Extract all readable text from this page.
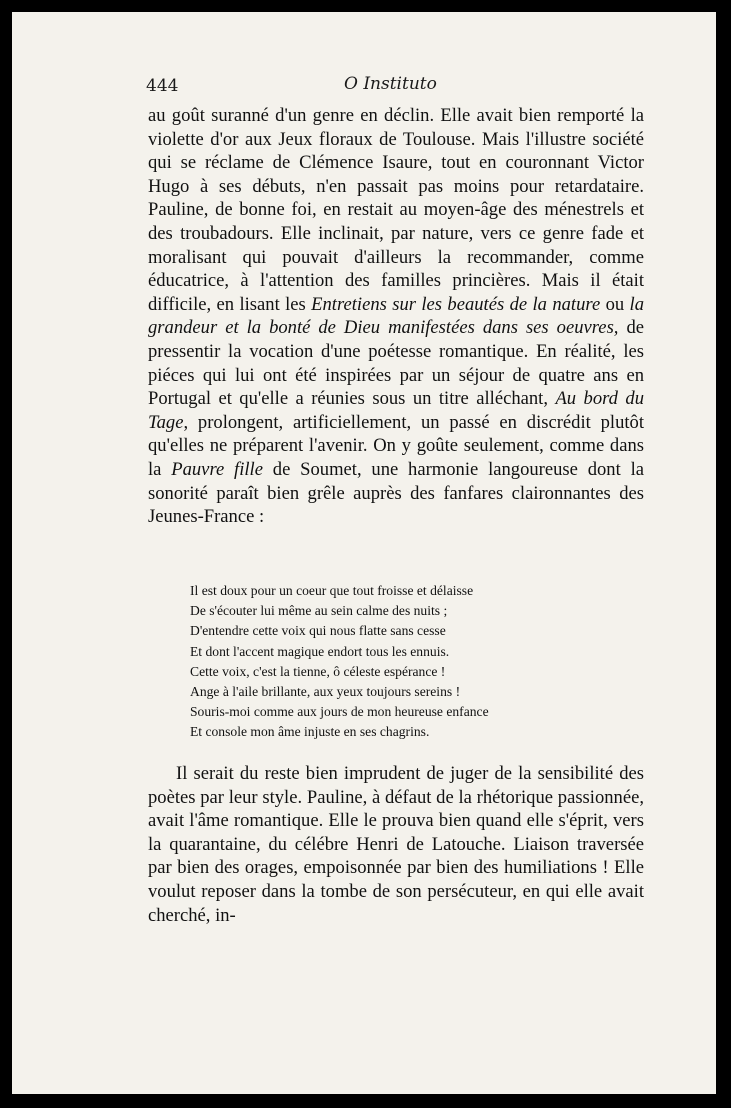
444	O Instituto

au goût suranné d'un genre en déclin. Elle avait bien remporté la violette d'or aux Jeux floraux de Toulouse. Mais l'illustre société qui se réclame de Clémence Isaure, tout en couronnant Victor Hugo à ses débuts, n'en passait pas moins pour retardataire. Pauline, de bonne foi, en restait au moyen-âge des ménestrels et des troubadours. Elle inclinait, par nature, vers ce genre fade et moralisant qui pouvait d'ailleurs la recommander, comme éducatrice, à l'attention des familles princières. Mais il était difficile, en lisant les Entretiens sur les beautés de la nature ou la grandeur et la bonté de Dieu manifestées dans ses oeuvres, de pressentir la vocation d'une poétesse romantique. En réalité, les piéces qui lui ont été inspirées par un séjour de quatre ans en Portugal et qu'elle a réunies sous un titre alléchant, Au bord du Tage, prolongent, artificiellement, un passé en discrédit plutôt qu'elles ne préparent l'avenir. On y goûte seulement, comme dans la Pauvre fille de Soumet, une harmonie langoureuse dont la sonorité paraît bien grêle auprès des fanfares claironnantes des Jeunes-France :

Il est doux pour un coeur que tout froisse et délaisse
De s'écouter lui même au sein calme des nuits ;
D'entendre cette voix qui nous flatte sans cesse
Et dont l'accent magique endort tous les ennuis.
Cette voix, c'est la tienne, ô céleste espérance !
Ange à l'aile brillante, aux yeux toujours sereins !
Souris-moi comme aux jours de mon heureuse enfance
Et console mon âme injuste en ses chagrins.

Il serait du reste bien imprudent de juger de la sensibilité des poètes par leur style. Pauline, à défaut de la rhétorique passionnée, avait l'âme romantique. Elle le prouva bien quand elle s'éprit, vers la quarantaine, du célébre Henri de Latouche. Liaison traversée par bien des orages, empoisonnée par bien des humiliations ! Elle voulut reposer dans la tombe de son persécuteur, en qui elle avait cherché, in-
